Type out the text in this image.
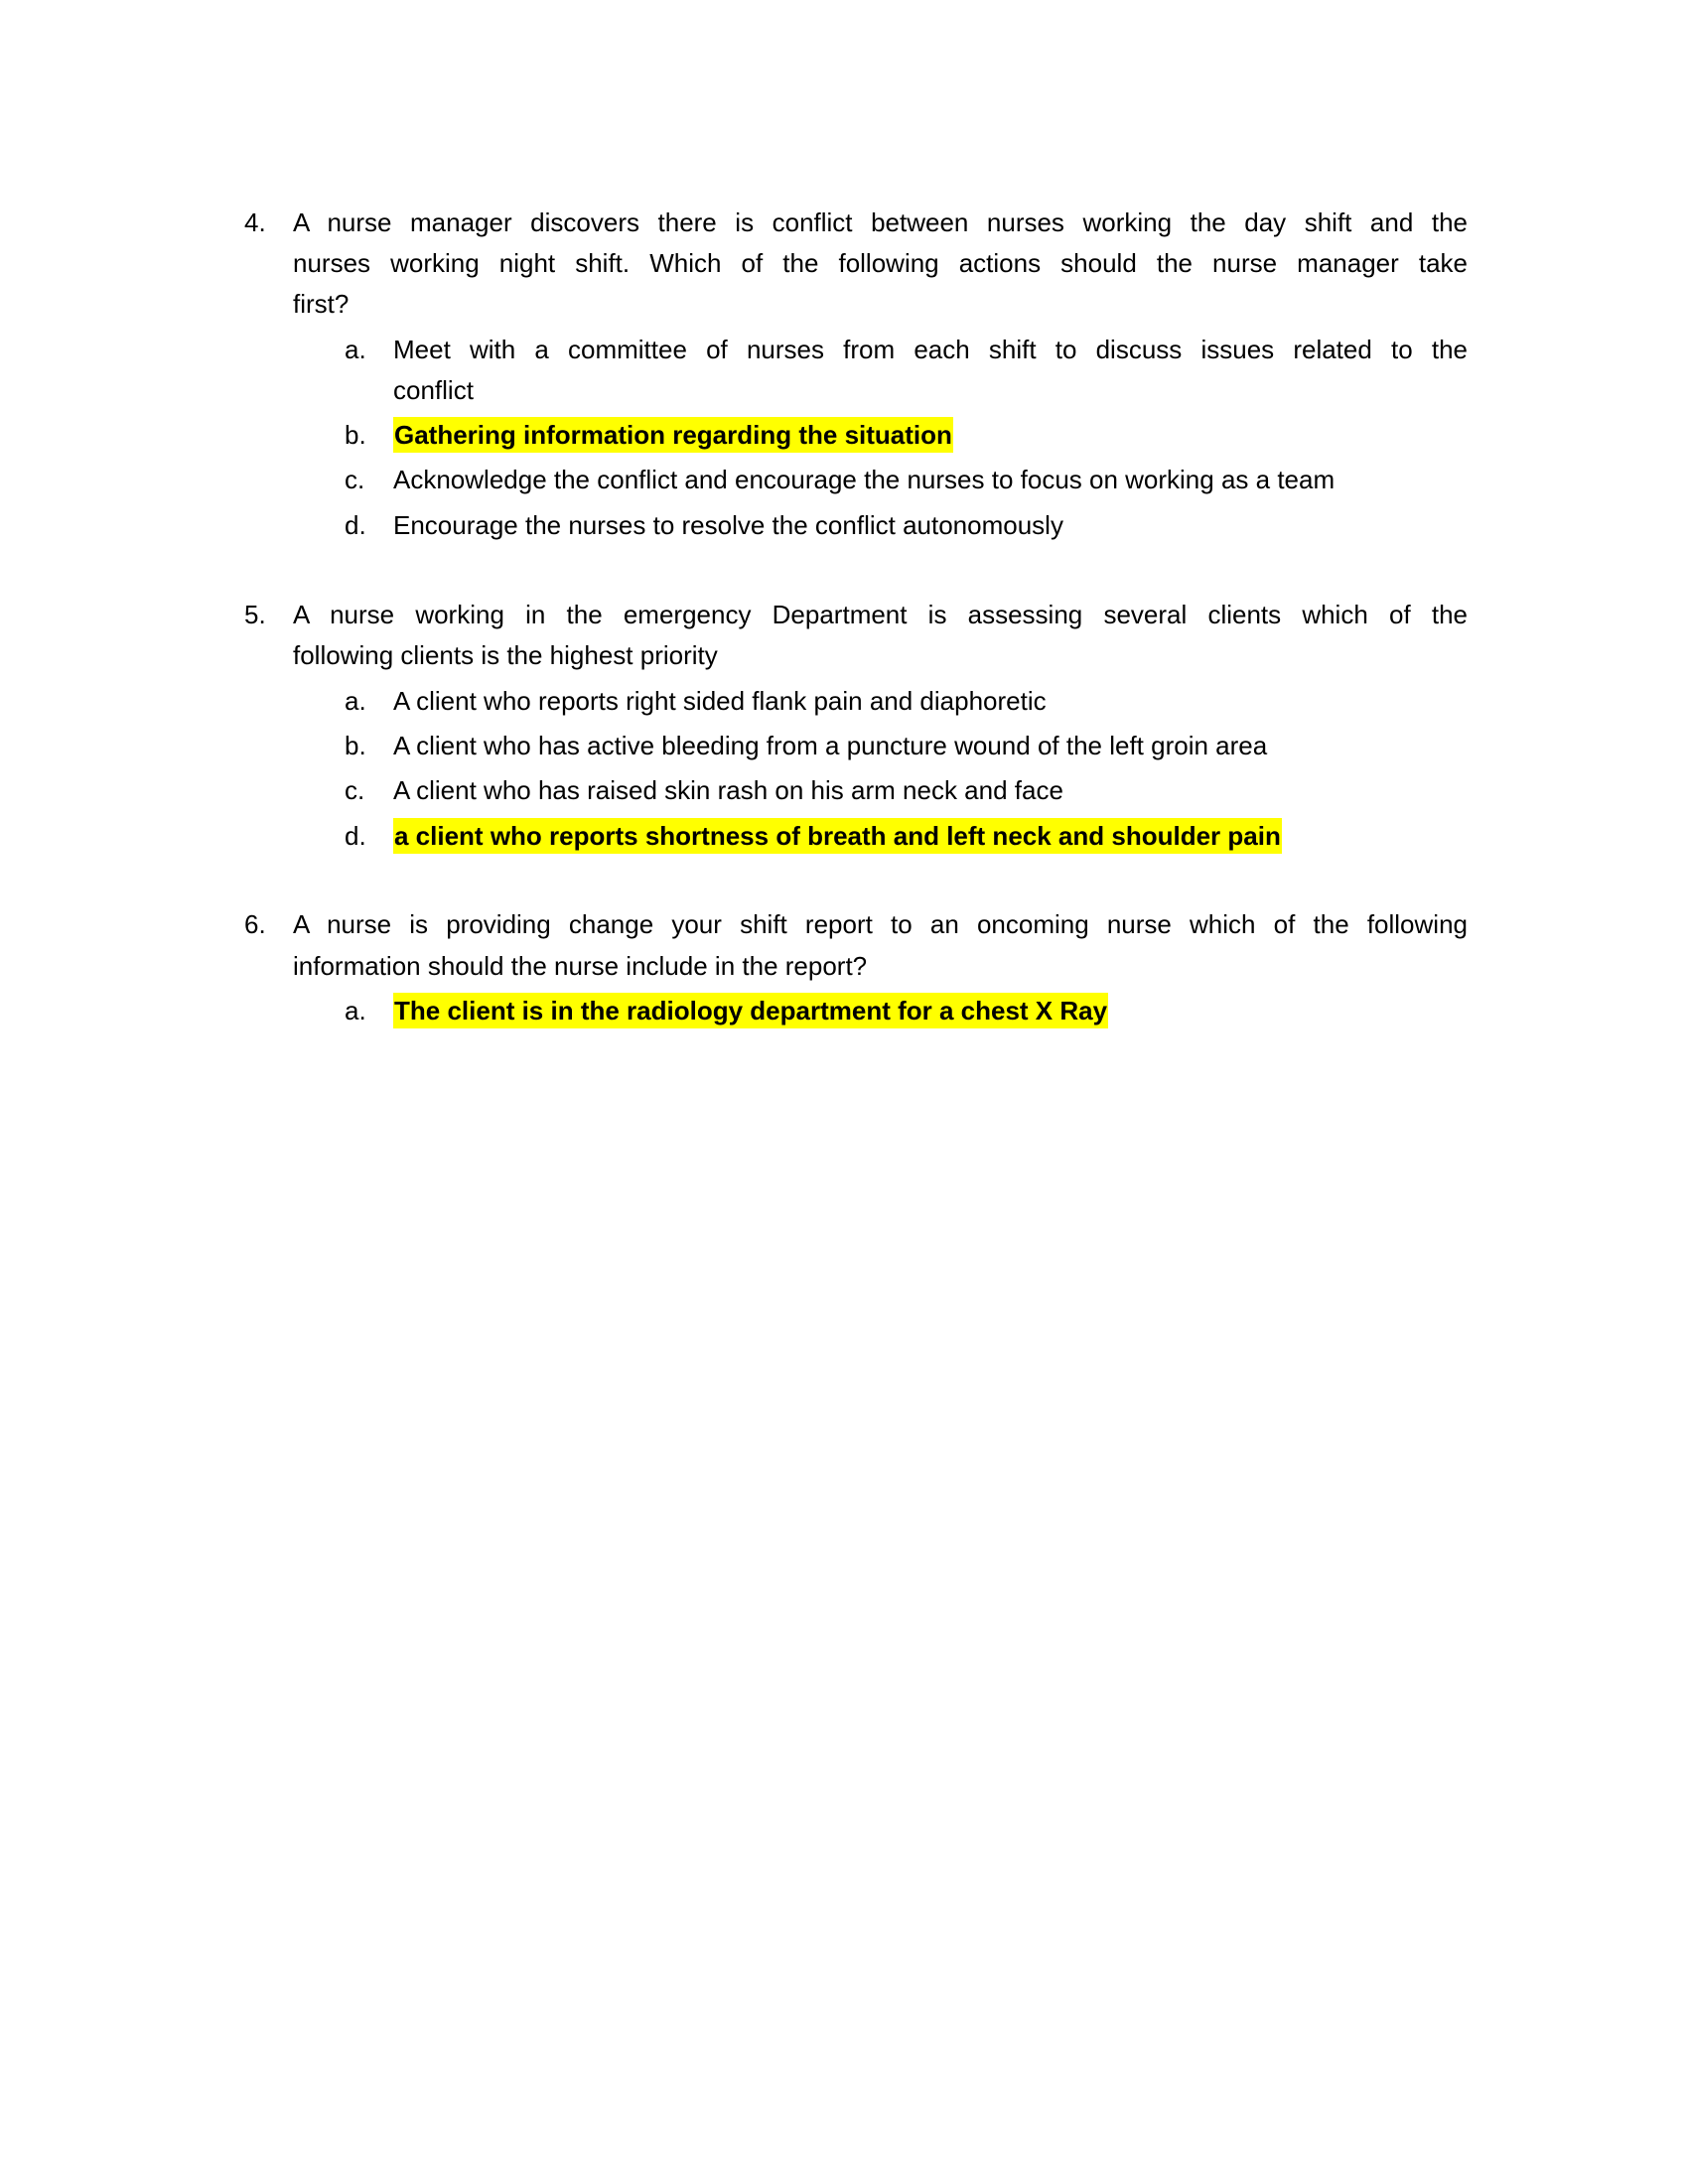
4. A nurse manager discovers there is conflict between nurses working the day shift and the
nurses working night shift. Which of the following actions should the nurse manager take
first?
a. Meet with a committee of nurses from each shift to discuss issues related to the
conflict
b. Gathering information regarding the situation
c. Acknowledge the conflict and encourage the nurses to focus on working as a team
d. Encourage the nurses to resolve the conflict autonomously
5. A nurse working in the emergency Department is assessing several clients which of the
following clients is the highest priority
a. A client who reports right sided flank pain and diaphoretic
b. A client who has active bleeding from a puncture wound of the left groin area
c. A client who has raised skin rash on his arm neck and face
d. a client who reports shortness of breath and left neck and shoulder pain
6. A nurse is providing change your shift report to an oncoming nurse which of the following
information should the nurse include in the report?
a. The client is in the radiology department for a chest X Ray
